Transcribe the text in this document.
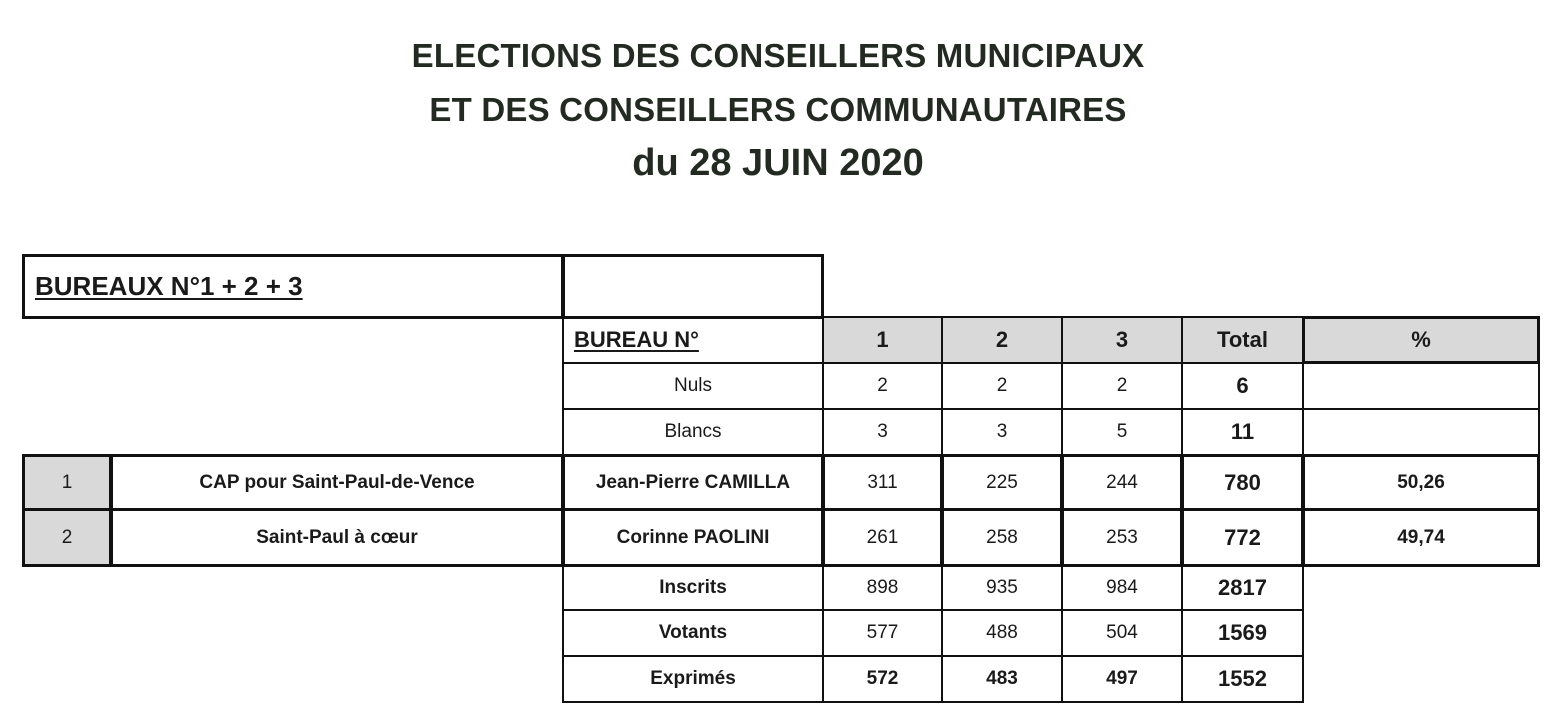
ELECTIONS DES CONSEILLERS MUNICIPAUX
ET DES CONSEILLERS COMMUNAUTAIRES
du 28 JUIN 2020
BUREAUX N°1 + 2 + 3
BUREAU N°	1	2	3	Total	%
Nuls	2	2	2	6
Blancs	3	3	5	11
1	CAP pour Saint-Paul-de-Vence	Jean-Pierre CAMILLA	311	225	244	780	50,26
2	Saint-Paul à cœur	Corinne PAOLINI	261	258	253	772	49,74
Inscrits	898	935	984	2817
Votants	577	488	504	1569
Exprimés	572	483	497	1552
